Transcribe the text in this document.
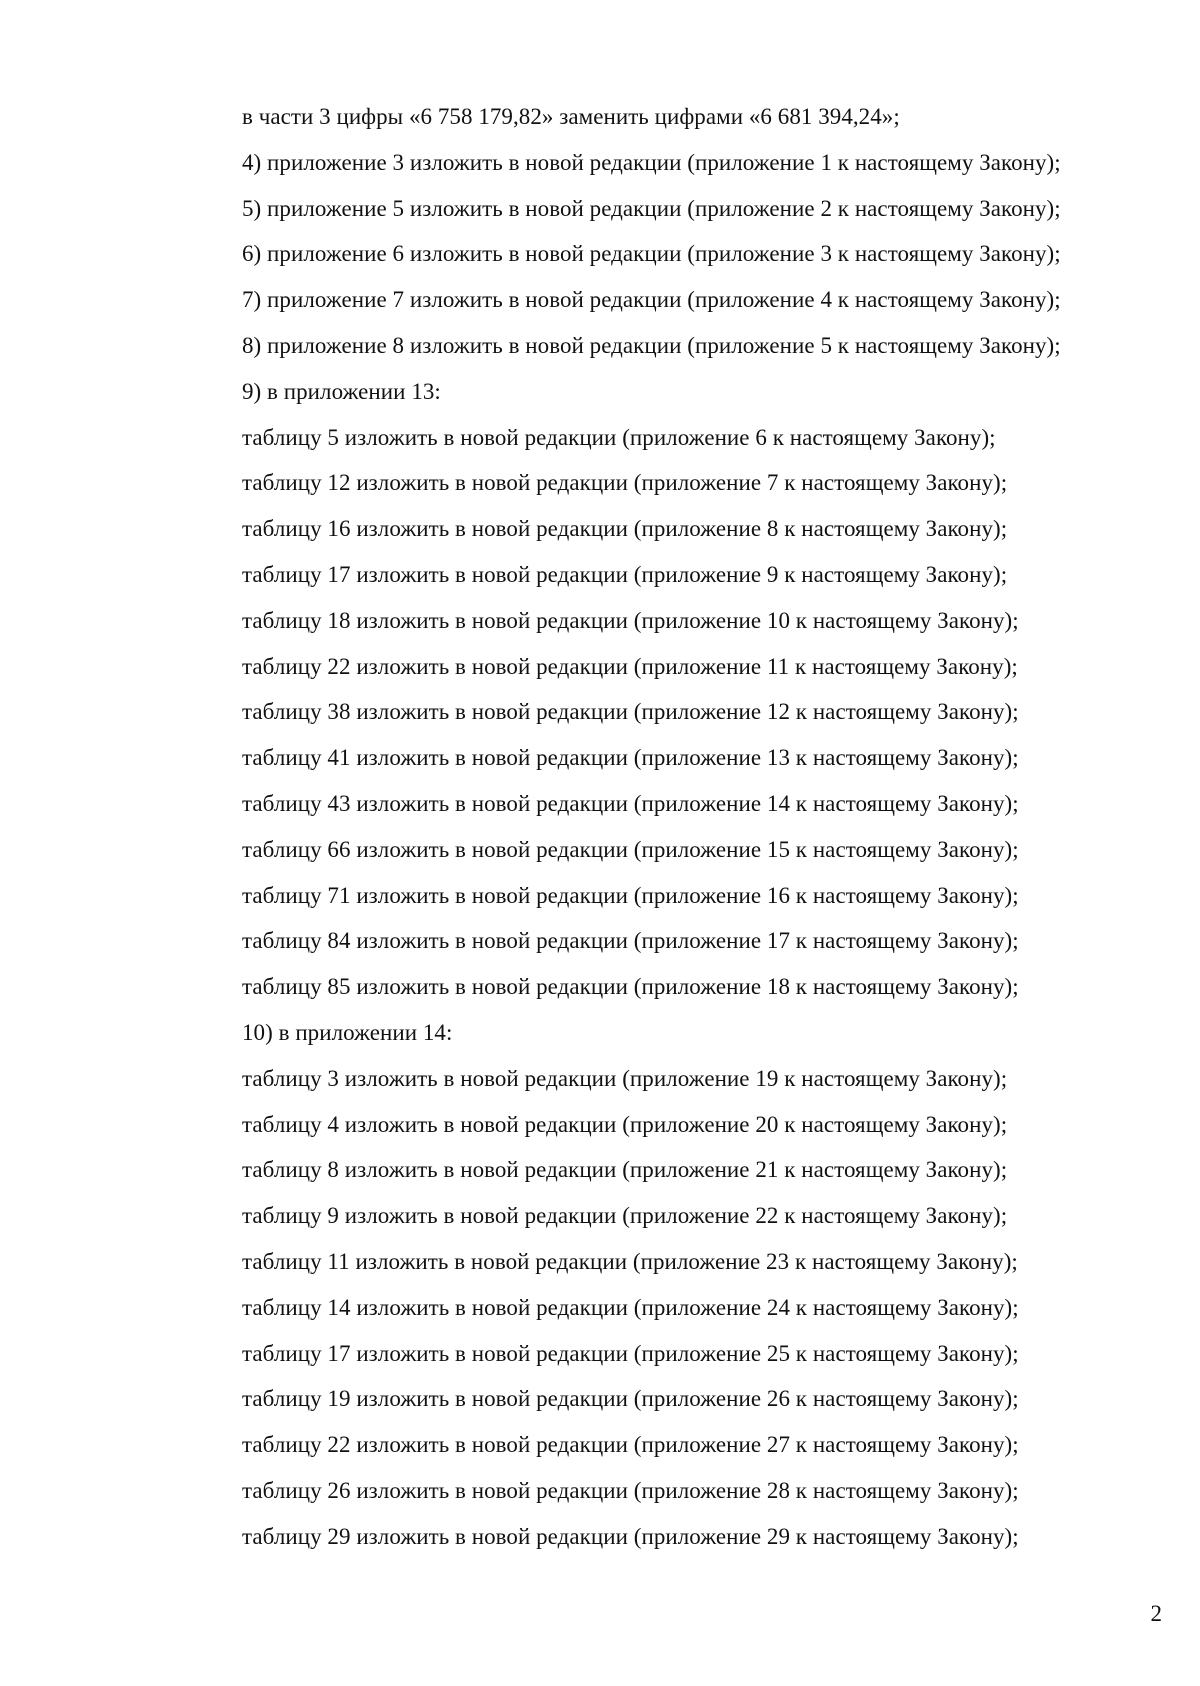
в части 3 цифры «6 758 179,82» заменить цифрами «6 681 394,24»;
4) приложение 3 изложить в новой редакции (приложение 1 к настоящему Закону);
5) приложение 5 изложить в новой редакции (приложение 2 к настоящему Закону);
6) приложение 6 изложить в новой редакции (приложение 3 к настоящему Закону);
7) приложение 7 изложить в новой редакции (приложение 4 к настоящему Закону);
8) приложение 8 изложить в новой редакции (приложение 5 к настоящему Закону);
9) в приложении 13:
таблицу 5 изложить в новой редакции (приложение 6 к настоящему Закону);
таблицу 12 изложить в новой редакции (приложение 7 к настоящему Закону);
таблицу 16 изложить в новой редакции (приложение 8 к настоящему Закону);
таблицу 17 изложить в новой редакции (приложение 9 к настоящему Закону);
таблицу 18 изложить в новой редакции (приложение 10 к настоящему Закону);
таблицу 22 изложить в новой редакции (приложение 11 к настоящему Закону);
таблицу 38 изложить в новой редакции (приложение 12 к настоящему Закону);
таблицу 41 изложить в новой редакции (приложение 13 к настоящему Закону);
таблицу 43 изложить в новой редакции (приложение 14 к настоящему Закону);
таблицу 66 изложить в новой редакции (приложение 15 к настоящему Закону);
таблицу 71 изложить в новой редакции (приложение 16 к настоящему Закону);
таблицу 84 изложить в новой редакции (приложение 17 к настоящему Закону);
таблицу 85 изложить в новой редакции (приложение 18 к настоящему Закону);
10) в приложении 14:
таблицу 3 изложить в новой редакции (приложение 19 к настоящему Закону);
таблицу 4 изложить в новой редакции (приложение 20 к настоящему Закону);
таблицу 8 изложить в новой редакции (приложение 21 к настоящему Закону);
таблицу 9 изложить в новой редакции (приложение 22 к настоящему Закону);
таблицу 11 изложить в новой редакции (приложение 23 к настоящему Закону);
таблицу 14 изложить в новой редакции (приложение 24 к настоящему Закону);
таблицу 17 изложить в новой редакции (приложение 25 к настоящему Закону);
таблицу 19 изложить в новой редакции (приложение 26 к настоящему Закону);
таблицу 22 изложить в новой редакции (приложение 27 к настоящему Закону);
таблицу 26 изложить в новой редакции (приложение 28 к настоящему Закону);
таблицу 29 изложить в новой редакции (приложение 29 к настоящему Закону);
2
